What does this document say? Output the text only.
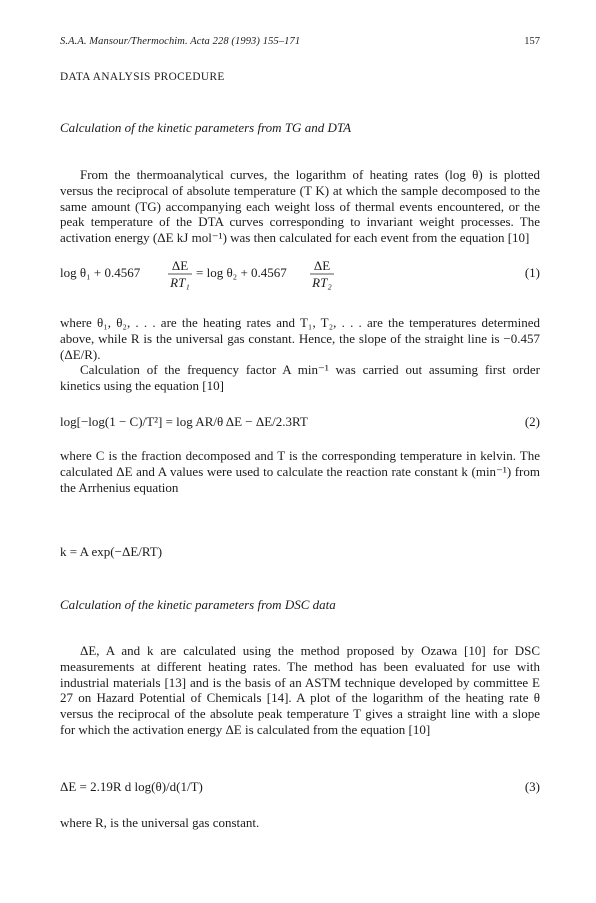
S.A.A. Mansour/Thermochim. Acta 228 (1993) 155–171	157
DATA ANALYSIS PROCEDURE
Calculation of the kinetic parameters from TG and DTA

From the thermoanalytical curves, the logarithm of heating rates (log θ) is plotted versus the reciprocal of absolute temperature (T K) at which the sample decomposed to the same amount (TG) accompanying each weight loss of thermal events encountered, or the peak temperature of the DTA curves corresponding to invariant weight processes. The activation energy (ΔE kJ mol⁻¹) was then calculated for each event from the equation [10]

log θ₁ + 0.4567 ΔE
RT₁
= log θ₂ + 0.4567 ΔE
RT₂
(1)

where θ₁, θ₂, . . . are the heating rates and T₁, T₂, . . . are the temperatures determined above, while R is the universal gas constant. Hence, the slope of the straight line is −0.457 (ΔE/R).

Calculation of the frequency factor A min⁻¹ was carried out assuming first order kinetics using the equation [10]

log[−log(1 − C)/T²] = log AR/θ ΔE − ΔE/2.3RT	(2)

where C is the fraction decomposed and T is the corresponding temperature in kelvin. The calculated ΔE and A values were used to calculate the reaction rate constant k (min⁻¹) from the Arrhenius equation

k = A exp(−ΔE/RT)
Calculation of the kinetic parameters from DSC data

ΔE, A and k are calculated using the method proposed by Ozawa [10] for DSC measurements at different heating rates. The method has been evaluated for use with industrial materials [13] and is the basis of an ASTM technique developed by committee E 27 on Hazard Potential of Chemicals [14]. A plot of the logarithm of the heating rate θ versus the reciprocal of the absolute peak temperature T gives a straight line with a slope for which the activation energy ΔE is calculated from the equation [10]

ΔE = 2.19R d log(θ)/d(1/T)	(3)

where R, is the universal gas constant.
